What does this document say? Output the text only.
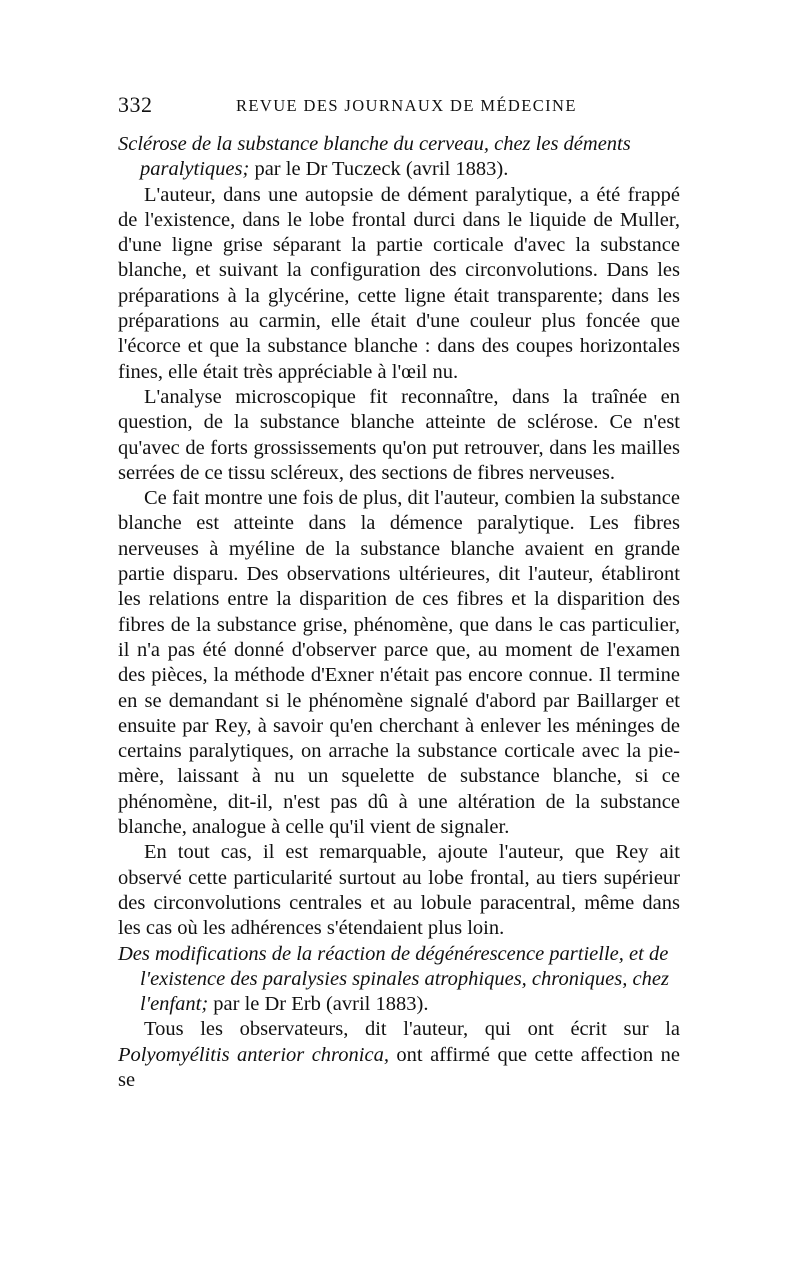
332	REVUE DES JOURNAUX DE MÉDECINE

Sclérose de la substance blanche du cerveau, chez les déments paralytiques; par le Dr Tuczeck (avril 1883).

L'auteur, dans une autopsie de dément paralytique, a été frappé de l'existence, dans le lobe frontal durci dans le liquide de Muller, d'une ligne grise séparant la partie corticale d'avec la substance blanche, et suivant la configuration des circonvolutions. Dans les préparations à la glycérine, cette ligne était transparente; dans les préparations au carmin, elle était d'une couleur plus foncée que l'écorce et que la substance blanche : dans des coupes horizontales fines, elle était très appréciable à l'œil nu.

L'analyse microscopique fit reconnaître, dans la traînée en question, de la substance blanche atteinte de sclérose. Ce n'est qu'avec de forts grossissements qu'on put retrouver, dans les mailles serrées de ce tissu scléreux, des sections de fibres nerveuses.

Ce fait montre une fois de plus, dit l'auteur, combien la substance blanche est atteinte dans la démence paralytique. Les fibres nerveuses à myéline de la substance blanche avaient en grande partie disparu. Des observations ultérieures, dit l'auteur, établiront les relations entre la disparition de ces fibres et la disparition des fibres de la substance grise, phénomène, que dans le cas particulier, il n'a pas été donné d'observer parce que, au moment de l'examen des pièces, la méthode d'Exner n'était pas encore connue. Il termine en se demandant si le phénomène signalé d'abord par Baillarger et ensuite par Rey, à savoir qu'en cherchant à enlever les méninges de certains paralytiques, on arrache la substance corticale avec la pie-mère, laissant à nu un squelette de substance blanche, si ce phénomène, dit-il, n'est pas dû à une altération de la substance blanche, analogue à celle qu'il vient de signaler.

En tout cas, il est remarquable, ajoute l'auteur, que Rey ait observé cette particularité surtout au lobe frontal, au tiers supérieur des circonvolutions centrales et au lobule paracentral, même dans les cas où les adhérences s'étendaient plus loin.

Des modifications de la réaction de dégénérescence partielle, et de l'existence des paralysies spinales atrophiques, chroniques, chez l'enfant; par le Dr Erb (avril 1883).

Tous les observateurs, dit l'auteur, qui ont écrit sur la Polyomyélitis anterior chronica, ont affirmé que cette affection ne se
